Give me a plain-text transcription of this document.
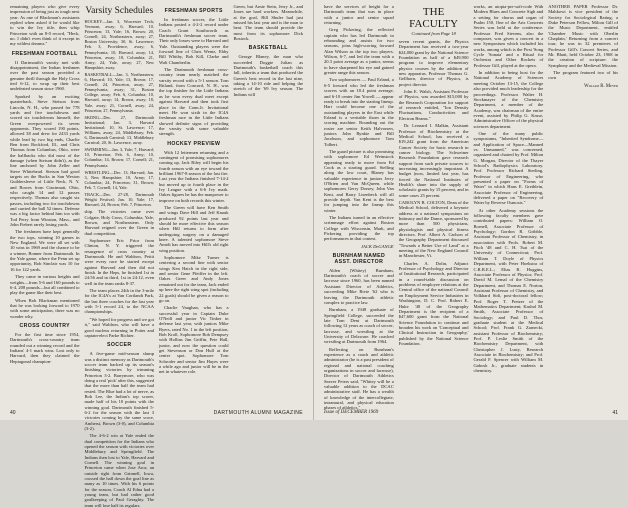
remaining players who give every impression of being just as tough next year. As one of Blackman's assistants replied when asked if he would like to win the Ivy title, then whip Princeton with an 8-0 record, "Heck, no. I didn't even think of it except in my wildest dreams."

FRESHMAN FOOTBALL

If Dartmouth's varsity met with disappointment, the Indian freshmen over the past season provided a genuine thrill through the Holy Cross tied 6-12, to wrap up their best undefeated season since 1960.

Sparked by an exciting quarterback, Steve Stetson from Lincoln, N. H., who passed for 778 yards and five touchdowns and scored six touchdowns himself, the Green overpowered its seven opponents. They scored 190 points, allowed 38 and drew for 2433 yards while lead by two big ends, Charlie Ben from Rockford, Ill., and Chris Thomas from Columbus, Ohio, were the halfbacks who did most of the damage (when Stetson didn't), as the line anchored by John Zeller and Steve Whitehead. Stetson had good targets on the Bucks in San Weston Guildersleeve of Little Neck, N. Y. and Bowes from Cincinnati, Ohio, who caught 14 and 12 passes respectively. Thomas also caught six passes, including two for touchdowns and carried the ball 52 times. Defense was a big factor behind him too with Tod Perry from Winston, Mass., and John Fiebert rarely losing yards.

The freshmen have kept generally the two tops, winning 10 games in New England. We were all set with 10 wins in 1969 and the chance to be a winner, Bonner from Dartmouth. In the Yale game, where the Penn set up opportunity, Bob Sinclair was 10 for 16 for 122 yards.

They came in various heights and weights—from 5-6 and 160 pounds to 6-4, 208 pounds—but all combined to play the game like their best.

When Bob Blackman mentioned that he was looking forward to 1970 with some anticipation, there was no wonder why.

CROSS COUNTRY

For the first time since 1954, Dartmouth's cross-country team rounded out a winning record and the Indians' 4-1 mark wins. Lost only to Harvard, then they claimed the Heptagonal champion-

Varsity Schedules

HOCKEY—Jan. 3, Worcester Tech; Vermont, away; 6, Harvard; 10, Princeton; 13, Yale; 16, Brown; 20, Cornell; 24, Northeastern, away; 27, Boston University; 30, St. Lawrence; Feb. 3, Providence, away; 6, Pennsylvania; 10, Harvard, away; 14, Princeton, away; 18, Columbia; 21, Army; 24, Yale, away; 27, New Hampshire, away.

BASKETBALL—Jan. 3, Northeastern; 6, Harvard; 10, Yale; 13, Brown; 17, Cornell; 24, Princeton, away; 27, Pennsylvania, away; 31, Boston College, away; Feb. 6, Columbia; 10, Harvard, away; 14, Brown, away; 18, Yale, away; 21, Cornell, away; 24, Princeton; 27, Pennsylvania.

SKIING—Dec. 27, Dartmouth Invitational; Jan. 3, Harvard Invitational; 10, St. Lawrence; 17, Williams, away; 24, Middlebury; Feb. 6, Dartmouth Carnival; 13, Middlebury Carnival; 20, St. Lawrence, away.

SWIMMING—Jan. 3, Yale; 7, Harvard; 10, Princeton; Feb. 6, Army; 10, Columbia; 14, Brown; 17, Cornell; 21, Pennsylvania.

WRESTLING—Dec. 13, Harvard; Jan. 3, New Hampshire; 10, Army; 17, Columbia; 24, Princeton; 31, Brown; Feb. 7, Cornell; 14, Yale.

TRACK—Dec. 27-28, Dartmouth Weight Festival; Jan. 10, Yale; 17, Harvard; 24, Brown; Feb. 7, Princeton.

ship. The victories came over Colgate, Holy Cross, Columbia, Yale, Brown, and Northeastern. Only Harvard reigned over the Green in dual competition.

Sophomore Eric Prior from Clinton, N. Y. triggered the resurgence of cross country at Dartmouth. He and Waldron, Pettit were every race he started except against Harvard and then did not finish. In the Heps, he finished 1st in 24:56 and in third, 1st in 24:12, even well in the team ranks 8-37.

The team places 24th in the 3-mile for the IC4A's at Van Cortlandt Park, the last three coaches for the last year with 5-1 record 24, to the NCAA championships.

"We hoped for progress and we got it," said Waldron, who will have a good nucleus returning in Potter and captain-elect Parke Richter.

SOCCER

A five-game mid-season slump was a distinct memory as Dartmouth's soccer team backed up its season's finishing victories by trimming Princeton 3-2. Barrymore, who was doing a real 'pick' after this, suggested that the more than half the team had rested. The Blue had a lot of nerve, as Bob Lee, the Indian's top scorer, made half of his 10 points with the winning goal. Dartmouth finished 5-6-2 for the season with the last 3 victories coming by the same score, Amherst, Brown (3-0), and Columbia (3-2).

The 4-6-2 win at Yale ended the dual competition for the Indians who opened the season with victories over Middlebury and Springfield. The Indians then lost to Yale, Harvard and Cornell. The winning goal in Princeton came when Jose Arca, an outside right from Grinnell, Iowa, crossed the ball down the goal line as many as 10 times. With his 6 points for the season, Coach Al Edna had a young team, but had rather good goalkeeping of Paul Geraghty. The team will lose half its regulars.

FRESHMAN SPORTS

In freshman soccer, the Little Indians posted a 4-2-2 record under Coach Grant Southworth as Dartmouth's freshman soccer team. Their only losses were to Harvard and Yale. Outstanding players were the forward line of Chris Wentz, Ebby Bill Whitby, Bob Kill, Clarke and Walt Chamberlin.

The Dartmouth freshman cross-country team nearly matched the varsity record with a 5-1 season. Tom Ritland, from Concord, N. H., was the top finisher for the Little Indians as he won every dual meet except against Harvard and then took first place in the Conn.Jr. Invitational meet. He won sixth in the IC4A freshman race in the Little Indians showed definite signs of providing the varsity with some valuable strength.

HOCKEY PREVIEW

With 12 lettermen returning and a contingent of promising sophomores coming up, Jack Riley will begin his fourth season with an eye toward the brilliant 1967-8 season of the last fire. Last year the Indians finished 7-14-2 but moved up to fourth place in the Ivy League with a 6-6 Ivy mark. Oakes figures he has the manpower to improve on both records this winter.

The Green will have Ken Smith and wings Dave Hill and Jeff Knauk produced 92 points last year and should be more effective this season when Hill returns to form after undergoing surgery on a damaged knee. A talented sophomore Steve Amidi has moved into Hill's old right wing position.

Sophomore Mike Turner is centering a second line with senior wings Ken Hatch in the right side, and senior Gene Pfeiffer in the left. Oakes Greer and Andy Jones remained out for the team, Jack ended up here the right wing spot (including 22 goals) should be given a reason to go on.

Charlie Vaughan, who has a successful year in Captain Duke O'Neill and junior Vic Tinker in defense last year, with juniors Mike Byers, rated No. 1 in the left position, Bob Kroll, Sophomore Bob Dempsey with Hollins Jim Griffin, Pete Hall, junior, and now the question could get Stevenson or Don Hull at the center spot. Sophomore Tom Schroder and senior Jim Hayes were a while ago and junior will be in the net in whatever role.

Green, but Arnie Stein, Jerry Jr., and Jones are hard workers. Meanwhile, at the goal, Bill Shuler had just missed his last year and is the man to beat. The team should provide the most from its sophomore Dick Bostock.

BASKETBALL

George Blaney, the man who succeeded Doggie Julian as Dartmouth's basketball coach this fall, inherits a team that produced the Green's best record in the last nine, taking a 14-10 ride and helping the stretch of the '69 Ivy season. The Indians will

40	DARTMOUTH ALUMNI MAGAZINE

have the services of height for a Dartmouth team that was in place with a junior and senior squad returning.

Greg Pickering, the reflected captain who has led Dartmouth in rebounding and assists for two seasons, joins high-scoring forward Alan Wilson as the top two players. Wilson, 6-7, and led the team with a 20.3 point average as a junior, seems to have sharpened his eye and gained greater range this season.

Two sophomores — Paul Erland, a 6-5 forward who led the freshman scorers with an 18.4 point average, and 6-10 center Jim Yowell — appear ready to break into the starting lineup. Hart could become one of the outstanding players in the East while Erland is a veritable thorn in the scoring machine. Rounding out the roster are senior Keith Halvorsen, juniors John Rynkie and Bill Jacobson, and sophomore Tom Tolbert.

The guard picture is also promising with sophomore Ed Weinstock appearing ready to move from Ed Cook as a starting guard. Stelling along the low court, Blaney has valuable experience in juniors Jerry O'Brien and Van McQueen, while sophomores Gerry Dorsey, John Van Kent, and Barry Lisenbeck will all provide depth. Van Kent is the best for jumping into the lineup this winter.

The Indians turned in an effective scrimmage effort against Boston College with Wisconsin, Mark, and Pickering providing the top performances in that contest.

JACK DeGANGE
BURNHAM NAMED ASST. DIRECTOR

Alden (Whitey) Burnham, Dartmouth's coach of soccer and lacrosse since 1960, has been named Assistant Director of Athletics, succeeding Mike Rivie '62 who is leaving the Dartmouth athletic complex to practice law.

Burnham, a 1948 graduate of Springfield College, succeeded the late Tom Dent at Dartmouth following 12 years as coach of soccer, lacrosse, and wrestling at the University of Delaware. He coached wrestling at Dartmouth from 1964.

Reflecting on Burnham's experience as a coach and athletic administrator (he is a past president of regional and national coaching organizations in soccer and lacrosse), Director of Dartmouth Athletics Seaver Peters said, "Whitey will be a valuable addition to the DCAC administrative staff. He has a wealth of knowledge of the intercollegiate, intramural, and physical education phases of athletics."

THE FACULTY
Continued from Page 18

seven recent grants, the Physics Department has received a two-year $24,000 grant by the National Science Foundation as half of a $49,900 program to improve elementary physics courses by the addition of new apparatus. Professor Thomas G. Gellhorn, director of Physics, is project director.

John E. Walsh, Assistant Professor of Physics, was awarded $15,000 by the Research Corporation for support of research entitled, "Ion Density Fluctuations, Conductivities and Electron Beams."

Dr. Leonard I. Malkin, Assistant Professor of Biochemistry at the Medical School, has received a $19,242 grant from the American Cancer Society for basic research in cancer biology. The Schweiner Research Foundation gave research support from such private sources to increasing increasingly important. A budget (now, limited last year, has forced the National Institutes of Health's share into the supply of scholastic grants by 15 percent, and in some cases 25 percent.

CAROLYN B. COLTON, Dean of the Medical School, delivered a keynote address at a national symposium on Intimacy and the Dance, sponsored by more than 500 physicians, physiologists and physical fitness directors. Prof. Albert A. Carlson of the Geography Department discussed "Towards a Better Use of Land" at a meeting of the New England Council in Manchester, Vt.

Charles A. Dolin, Adjunct Professor of Psychology and Director of Institutional Research, participated in a round-table discussion on problems of employee relations at the Central office of the national Council on Employment Service Industries in Washington, D. C. Prof. Robert E. Huke '48 of the Geography Department is the recipient of a $47,600 grant from the National Science Foundation to continue and broaden his work on 'Conceptual and Clinical Instruction in Geography,' published by the National Science Foundation.

works, an utopia-pre-soft-code With Modern Blues and Concrete Sigh and a setting for chorus and organ of Psalm 150, One of the Arts Concerts Series was held at the conference. Professor Fred Stevens, also the composer, was given a concert in a new Symposium which included his works, among which is the First 'Song Cycle 'Sonata' and a Ritual for Orchestra and Other Rockets of Professor Gill, played at the opera.

In addition to being host for the National Academy of Sciences meeting October 13-15, the College also provided much leadership for the proceedings. Professor Walter H. Stockmayer of the Chemistry Department, a member of the Academy, was chairman of the entire event, assisted by Philip G. Kruse, Administrative Officer of the physical sciences department.

One of the many public symposiums, "Inherited Syndrome—and Application of Space—Manned vs. Unmanned," was concerned, organized and chaired by Prof. Milton G. Morgan, Director of the Thayer School's Radiophysics Laboratory. Prof. Professor Richard Sterling, Professor of Engineering, who presented a paper on "Forms of Water" in which Hans E. Grethlein, Associate Professor of Engineering, delivered a paper on "Recovery of Water by Reverse Osmosis."

At other Academy sessions the following faculty members gave contributed papers: William O. Bornell, Associate Professor of Psychology; Gordon R. Gribble, Assistant Professor of Chemistry, in association with Profs. Robert M. Fitch '48 and C. H. Tsai of the University of Connecticut; Prof. William T. Doyle of Physics Department, with Peter Hoekstra of C.R.R.E.L.; Elias R. Hoggins, Associate Professor of Physics; Prof. David M. Lemal of the Chemistry Department, and Thomas E. Norton, Assistant Professor of Chemistry, and Volkhard Sidi, post-doctoral fellow; Prof. Roger T. Pretzer of the Mathematics Department; Kashol M. Smith, Associate Professor of Sociology; and Paul D. Thor, graduate student at the Medical School; Prof. Frank G. Zarnecki, assistant Professor of Biochemistry; Prof. P. Leslie Smith of the Biochemistry Department, with Christopher J. Lusty, Research Associate in Biochemistry; and Prof. Gerald F. Spencer with William M. Gabosh Jr., graduate students in chemistry.

ANOTHER PAPER Professor Dr. Mahkowi is vice president of the Society for Sociological Rating, a Duke Peterson Fellow, Milton Gill of the Music Department, entitled 'Chamber Music with Oberlin Chaplain,' Returning from a concert tour, he was in 32 premieres of Professor Gill's Concert Series, and Mr. Bhatt, held October 23, 1968 in the creation of scripture: the Symphony and the Medieval Mission.

The program featured two of his own

William R. Meyer
Issue of DECEMBER 1969	41
